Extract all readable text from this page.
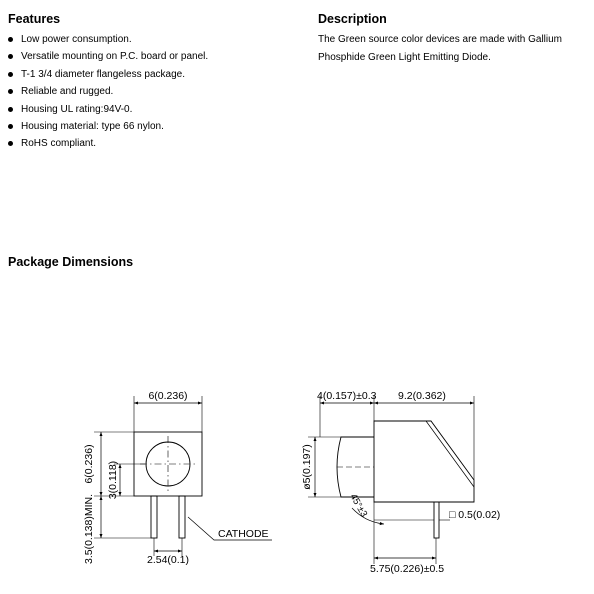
Features
Low power consumption.
Versatile mounting on P.C. board or panel.
T-1 3/4 diameter flangeless package.
Reliable and rugged.
Housing UL rating:94V-0.
Housing material: type 66 nylon.
RoHS compliant.
Description

The Green source color devices are made with Gallium
Phosphide Green Light Emitting Diode.

Package Dimensions
6(0.236)
6(0.236) 3(0.118)
3.5(0.138)MIN.	2.54(0.1)
CATHODE
4(0.157)±0.3 9.2(0.362)
ø5(0.197)
45°±3	□ 0.5(0.02)
5.75(0.226)±0.5
